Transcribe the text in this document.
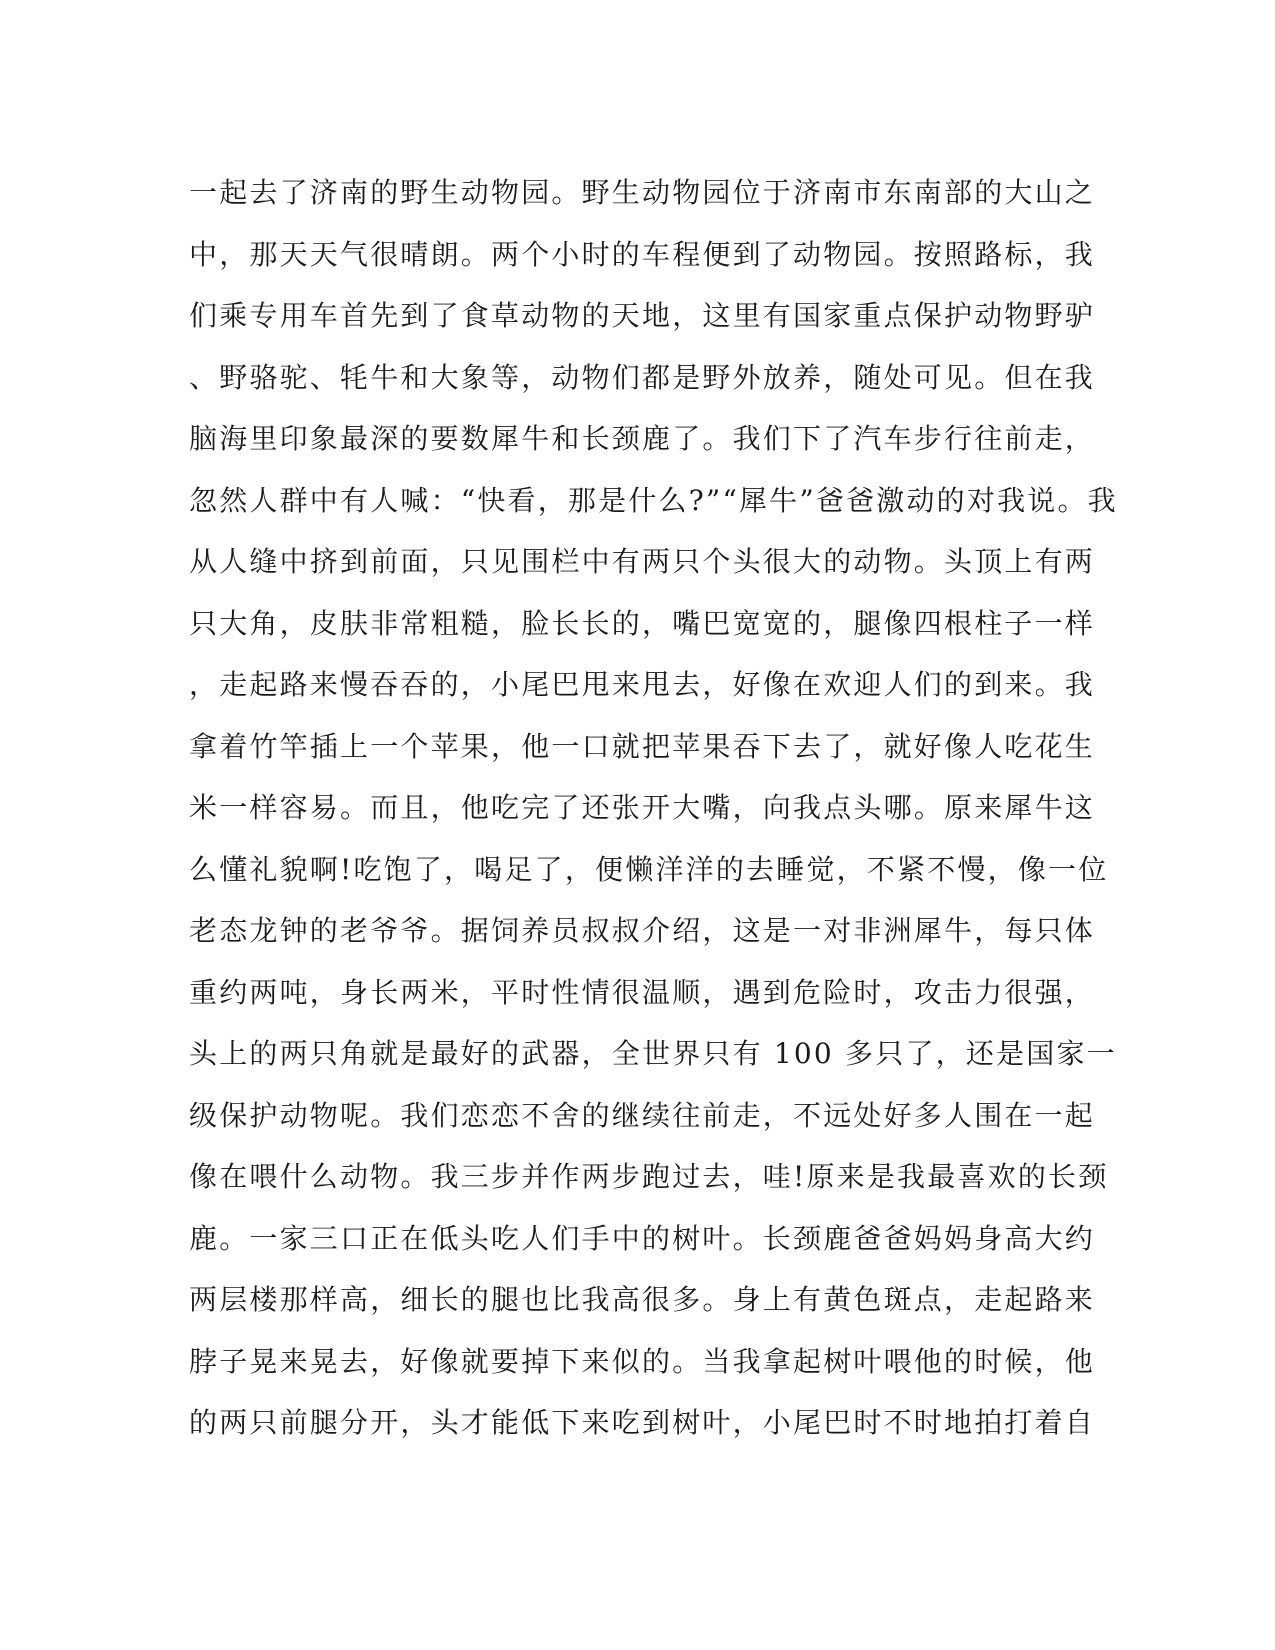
一起去了济南的野生动物园。野生动物园位于济南市东南部的大山之
中，那天天气很晴朗。两个小时的车程便到了动物园。按照路标，我
们乘专用车首先到了食草动物的天地，这里有国家重点保护动物野驴
、野骆驼、牦牛和大象等，动物们都是野外放养，随处可见。但在我
脑海里印象最深的要数犀牛和长颈鹿了。我们下了汽车步行往前走，
忽然人群中有人喊：“快看，那是什么?”“犀牛”爸爸激动的对我说。我
从人缝中挤到前面，只见围栏中有两只个头很大的动物。头顶上有两
只大角，皮肤非常粗糙，脸长长的，嘴巴宽宽的，腿像四根柱子一样
，走起路来慢吞吞的，小尾巴甩来甩去，好像在欢迎人们的到来。我
拿着竹竿插上一个苹果，他一口就把苹果吞下去了，就好像人吃花生
米一样容易。而且，他吃完了还张开大嘴，向我点头哪。原来犀牛这
么懂礼貌啊!吃饱了，喝足了，便懒洋洋的去睡觉，不紧不慢，像一位
老态龙钟的老爷爷。据饲养员叔叔介绍，这是一对非洲犀牛，每只体
重约两吨，身长两米，平时性情很温顺，遇到危险时，攻击力很强，
头上的两只角就是最好的武器，全世界只有 100 多只了，还是国家一
级保护动物呢。我们恋恋不舍的继续往前走，不远处好多人围在一起
像在喂什么动物。我三步并作两步跑过去，哇!原来是我最喜欢的长颈
鹿。一家三口正在低头吃人们手中的树叶。长颈鹿爸爸妈妈身高大约
两层楼那样高，细长的腿也比我高很多。身上有黄色斑点，走起路来
脖子晃来晃去，好像就要掉下来似的。当我拿起树叶喂他的时候，他
的两只前腿分开，头才能低下来吃到树叶，小尾巴时不时地拍打着自
